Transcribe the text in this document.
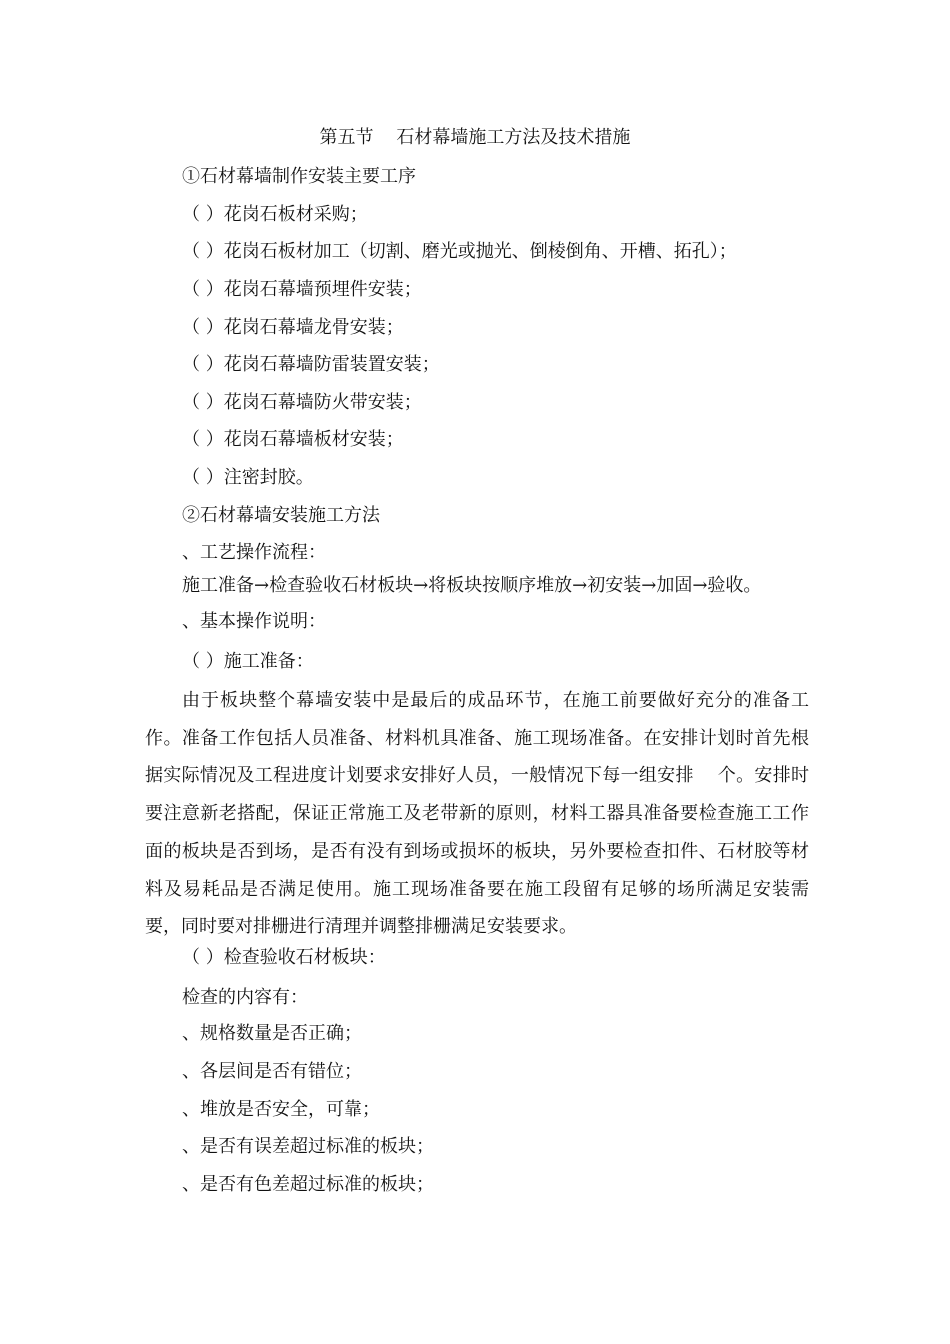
第五节    石材幕墙施工方法及技术措施
①石材幕墙制作安装主要工序
（ ）花岗石板材采购；
（ ）花岗石板材加工（切割、磨光或抛光、倒棱倒角、开槽、拓孔）；
（ ）花岗石幕墙预埋件安装；
（ ）花岗石幕墙龙骨安装；
（ ）花岗石幕墙防雷装置安装；
（ ）花岗石幕墙防火带安装；
（ ）花岗石幕墙板材安装；
（ ）注密封胶。
②石材幕墙安装施工方法
、工艺操作流程：
施工准备→检查验收石材板块→将板块按顺序堆放→初安装→加固→验收。
、基本操作说明：
（ ）施工准备：
由于板块整个幕墙安装中是最后的成品环节，在施工前要做好充分的准备工作。准备工作包括人员准备、材料机具准备、施工现场准备。在安排计划时首先根据实际情况及工程进度计划要求安排好人员，一般情况下每一组安排    个。安排时要注意新老搭配，保证正常施工及老带新的原则，材料工器具准备要检查施工工作面的板块是否到场，是否有没有到场或损坏的板块，另外要检查扣件、石材胶等材料及易耗品是否满足使用。施工现场准备要在施工段留有足够的场所满足安装需要，同时要对排栅进行清理并调整排栅满足安装要求。
（ ）检查验收石材板块：
检查的内容有：
、规格数量是否正确；
、各层间是否有错位；
、堆放是否安全，可靠；
、是否有误差超过标准的板块；
、是否有色差超过标准的板块；
